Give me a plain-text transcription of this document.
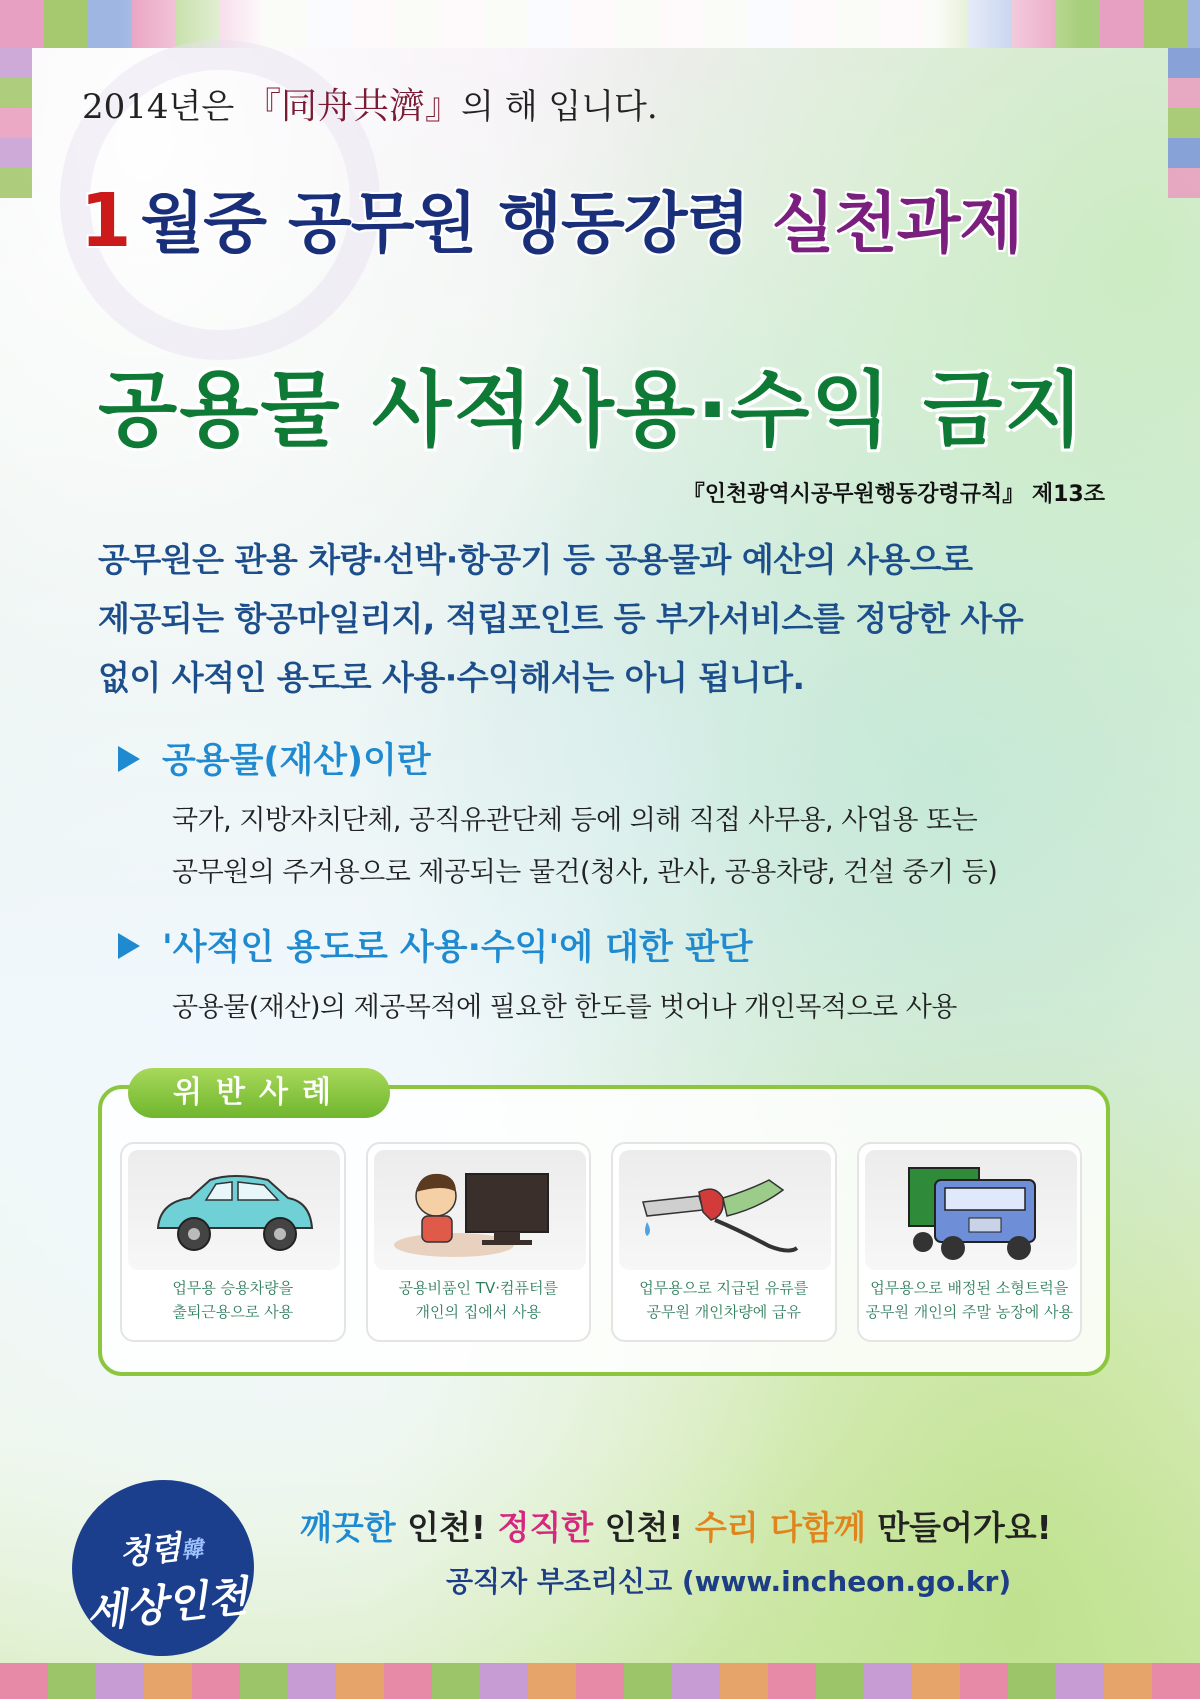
2014년은 『同舟共濟』의 해 입니다.
1 월중 공무원 행동강령 실천과제
공용물 사적사용·수익 금지
『인천광역시공무원행동강령규칙』 제13조
공무원은 관용 차량·선박·항공기 등 공용물과 예산의 사용으로
제공되는 항공마일리지, 적립포인트 등 부가서비스를 정당한 사유
없이 사적인 용도로 사용·수익해서는 아니 됩니다.
공용물(재산)이란
국가, 지방자치단체, 공직유관단체 등에 의해 직접 사무용, 사업용 또는
공무원의 주거용으로 제공되는 물건(청사, 관사, 공용차량, 건설 중기 등)
'사적인 용도로 사용·수익'에 대한 판단
공용물(재산)의 제공목적에 필요한 한도를 벗어나 개인목적으로 사용
위반사례
업무용 승용차량을
출퇴근용으로 사용
공용비품인 TV·컴퓨터를
개인의 집에서 사용
업무용으로 지급된 유류를
공무원 개인차량에 급유
업무용으로 배정된 소형트럭을
공무원 개인의 주말 농장에 사용
청렴韓
세상인천
깨끗한 인천! 정직한 인천! 수리 다함께 만들어가요!
공직자 부조리신고 (www.incheon.go.kr)
